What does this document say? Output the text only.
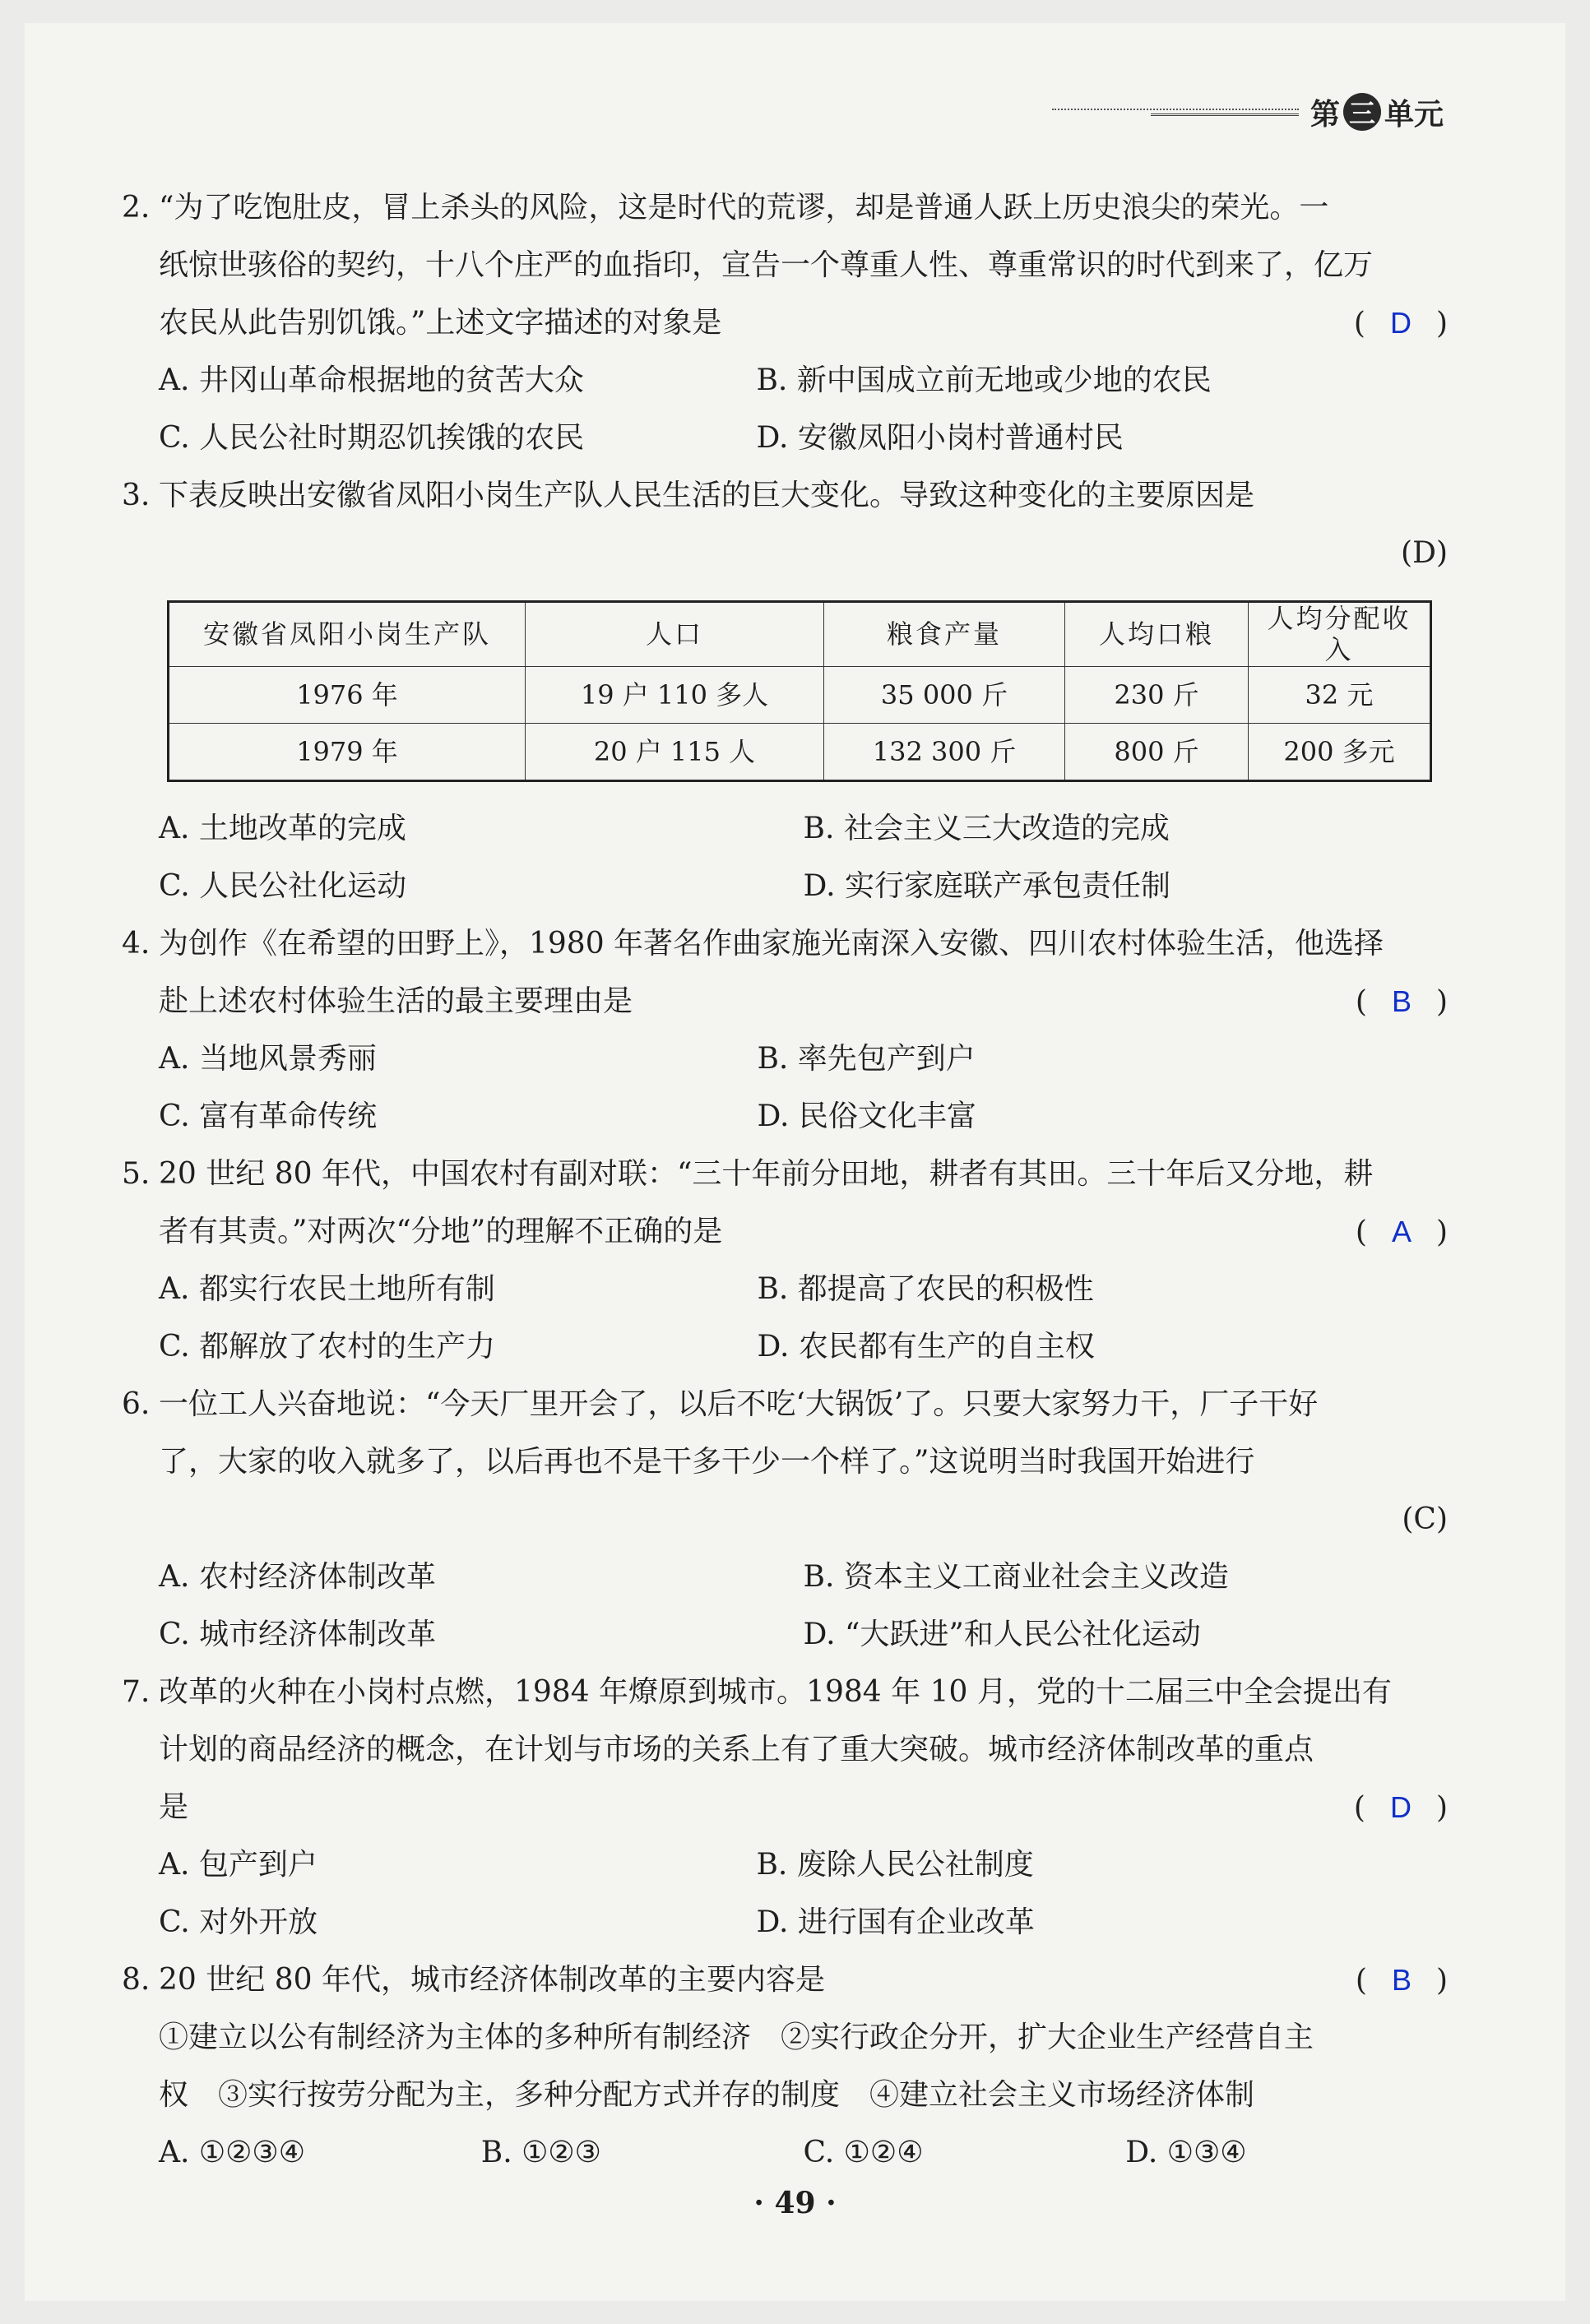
第 三 单元
2. “为了吃饱肚皮，冒上杀头的风险，这是时代的荒谬，却是普通人跃上历史浪尖的荣光。一
纸惊世骇俗的契约，十八个庄严的血指印，宣告一个尊重人性、尊重常识的时代到来了，亿万
农民从此告别饥饿。”上述文字描述的对象是	( D )
A. 井冈山革命根据地的贫苦大众	B. 新中国成立前无地或少地的农民
C. 人民公社时期忍饥挨饿的农民	D. 安徽凤阳小岗村普通村民
3. 下表反映出安徽省凤阳小岗生产队人民生活的巨大变化。导致这种变化的主要原因是
(D)
安徽省凤阳小岗生产队	人口	粮食产量	人均口粮	人均分配收入
1976 年	19 户 110 多人	35 000 斤	230 斤	32 元
1979 年	20 户 115 人	132 300 斤	800 斤	200 多元
A. 土地改革的完成	B. 社会主义三大改造的完成
C. 人民公社化运动	D. 实行家庭联产承包责任制
4. 为创作《在希望的田野上》，1980 年著名作曲家施光南深入安徽、四川农村体验生活，他选择
赴上述农村体验生活的最主要理由是	( B )
A. 当地风景秀丽	B. 率先包产到户
C. 富有革命传统	D. 民俗文化丰富
5. 20 世纪 80 年代，中国农村有副对联：“三十年前分田地，耕者有其田。三十年后又分地，耕
者有其责。”对两次“分地”的理解不正确的是	( A )
A. 都实行农民土地所有制	B. 都提高了农民的积极性
C. 都解放了农村的生产力	D. 农民都有生产的自主权
6. 一位工人兴奋地说：“今天厂里开会了，以后不吃‘大锅饭’了。只要大家努力干，厂子干好
了，大家的收入就多了，以后再也不是干多干少一个样了。”这说明当时我国开始进行
(C)
A. 农村经济体制改革	B. 资本主义工商业社会主义改造
C. 城市经济体制改革	D. “大跃进”和人民公社化运动
7. 改革的火种在小岗村点燃，1984 年燎原到城市。1984 年 10 月，党的十二届三中全会提出有
计划的商品经济的概念，在计划与市场的关系上有了重大突破。城市经济体制改革的重点
是	( D )
A. 包产到户	B. 废除人民公社制度
C. 对外开放	D. 进行国有企业改革
8. 20 世纪 80 年代，城市经济体制改革的主要内容是	( B )
①建立以公有制经济为主体的多种所有制经济　②实行政企分开，扩大企业生产经营自主
权　③实行按劳分配为主，多种分配方式并存的制度　④建立社会主义市场经济体制
A. ①②③④	B. ①②③	C. ①②④	D. ①③④
· 49 ·
